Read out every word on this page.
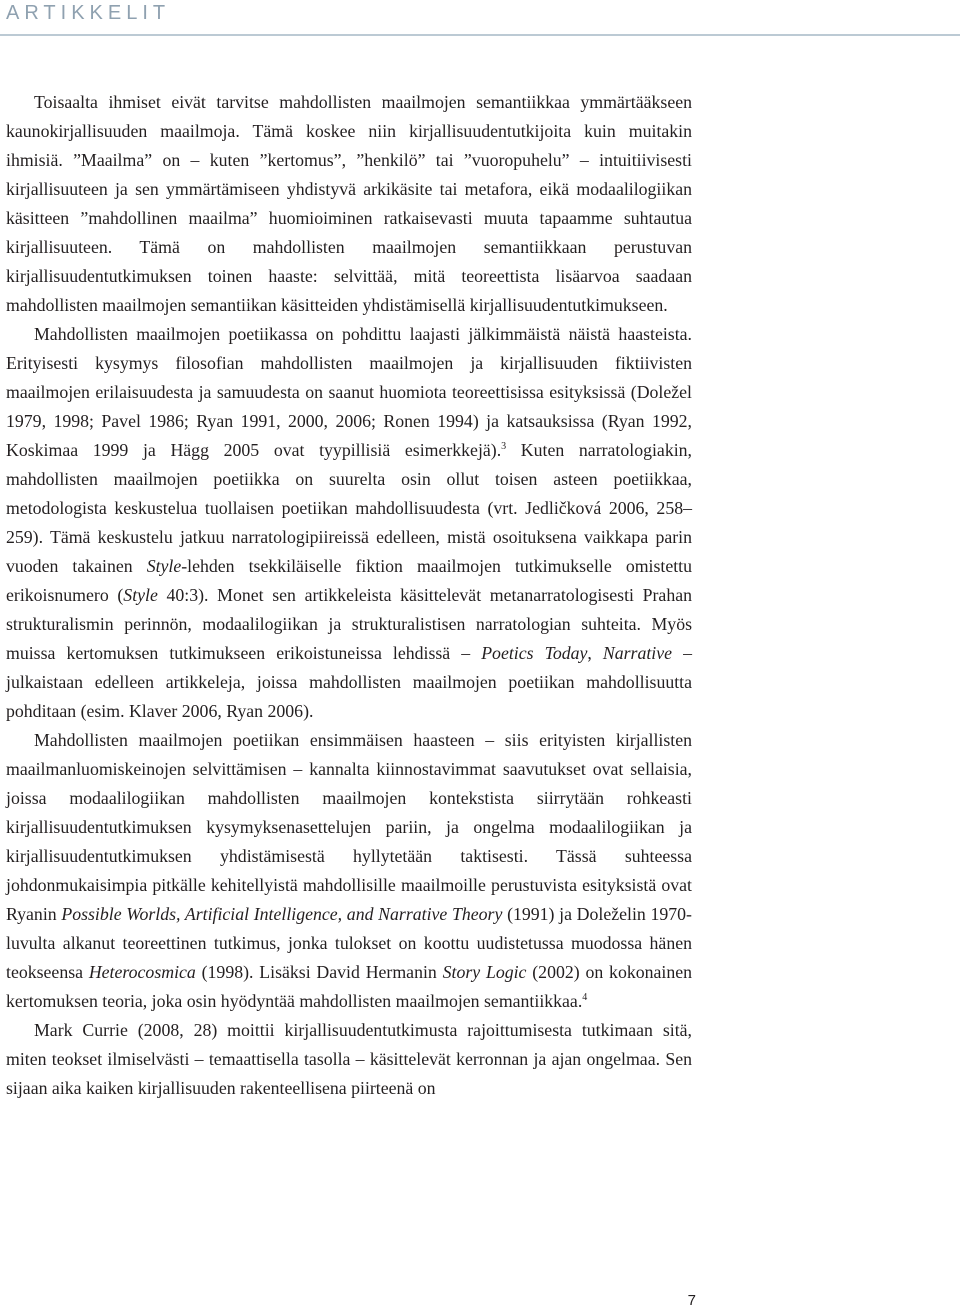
ARTIKKELIT

Toisaalta ihmiset eivät tarvitse mahdollisten maailmojen semantiikkaa ymmärtääkseen kaunokirjallisuuden maailmoja. Tämä koskee niin kirjallisuudentutkijoita kuin muitakin ihmisiä. ”Maailma” on – kuten ”kertomus”, ”henkilö” tai ”vuoropuhelu” – intuitiivisesti kirjallisuuteen ja sen ymmärtämiseen yhdistyvä arkikäsite tai metafora, eikä modaalilogiikan käsitteen ”mahdollinen maailma” huomioiminen ratkaisevasti muuta tapaamme suhtautua kirjallisuuteen. Tämä on mahdollisten maailmojen semantiikkaan perustuvan kirjallisuudentutkimuksen toinen haaste: selvittää, mitä teoreettista lisäarvoa saadaan mahdollisten maailmojen semantiikan käsitteiden yhdistämisellä kirjallisuudentutkimukseen.

Mahdollisten maailmojen poetiikassa on pohdittu laajasti jälkimmäistä näistä haasteista. Erityisesti kysymys filosofian mahdollisten maailmojen ja kirjallisuuden fiktiivisten maailmojen erilaisuudesta ja samuudesta on saanut huomiota teoreettisissa esityksissä (Doležel 1979, 1998; Pavel 1986; Ryan 1991, 2000, 2006; Ronen 1994) ja katsauksissa (Ryan 1992, Koskimaa 1999 ja Hägg 2005 ovat tyypillisiä esimerkkejä).$^3$ Kuten narratologiakin, mahdollisten maailmojen poetiikka on suurelta osin ollut toisen asteen poetiikkaa, metodologista keskustelua tuollaisen poetiikan mahdollisuudesta (vrt. Jedličková 2006, 258–259). Tämä keskustelu jatkuu narratologipiireissä edelleen, mistä osoituksena vaikkapa parin vuoden takainen Style-lehden tsekkiläiselle fiktion maailmojen tutkimukselle omistettu erikoisnumero (Style 40:3). Monet sen artikkeleista käsittelevät metanarratologisesti Prahan strukturalismin perinnön, modaalilogiikan ja strukturalistisen narratologian suhteita. Myös muissa kertomuksen tutkimukseen erikoistuneissa lehdissä – Poetics Today, Narrative – julkaistaan edelleen artikkeleja, joissa mahdollisten maailmojen poetiikan mahdollisuutta pohditaan (esim. Klaver 2006, Ryan 2006).

Mahdollisten maailmojen poetiikan ensimmäisen haasteen – siis erityisten kirjallisten maailmanluomiskeinojen selvittämisen – kannalta kiinnostavimmat saavutukset ovat sellaisia, joissa modaalilogiikan mahdollisten maailmojen kontekstista siirrytään rohkeasti kirjallisuudentutkimuksen kysymyksenasettelujen pariin, ja ongelma modaalilogiikan ja kirjallisuudentutkimuksen yhdistämisestä hyllytetään taktisesti. Tässä suhteessa johdonmukaisimpia pitkälle kehitellyistä mahdollisille maailmoille perustuvista esityksistä ovat Ryanin Possible Worlds, Artificial Intelligence, and Narrative Theory (1991) ja Doleželin 1970-luvulta alkanut teoreettinen tutkimus, jonka tulokset on koottu uudistetussa muodossa hänen teokseensa Heterocosmica (1998). Lisäksi David Hermanin Story Logic (2002) on kokonainen kertomuksen teoria, joka osin hyödyntää mahdollisten maailmojen semantiikkaa.$^4$

Mark Currie (2008, 28) moittii kirjallisuudentutkimusta rajoittumisesta tutkimaan sitä, miten teokset ilmiselvästi – temaattisella tasolla – käsittelevät kerronnan ja ajan ongelmaa. Sen sijaan aika kaiken kirjallisuuden rakenteellisena piirteenä on

7
